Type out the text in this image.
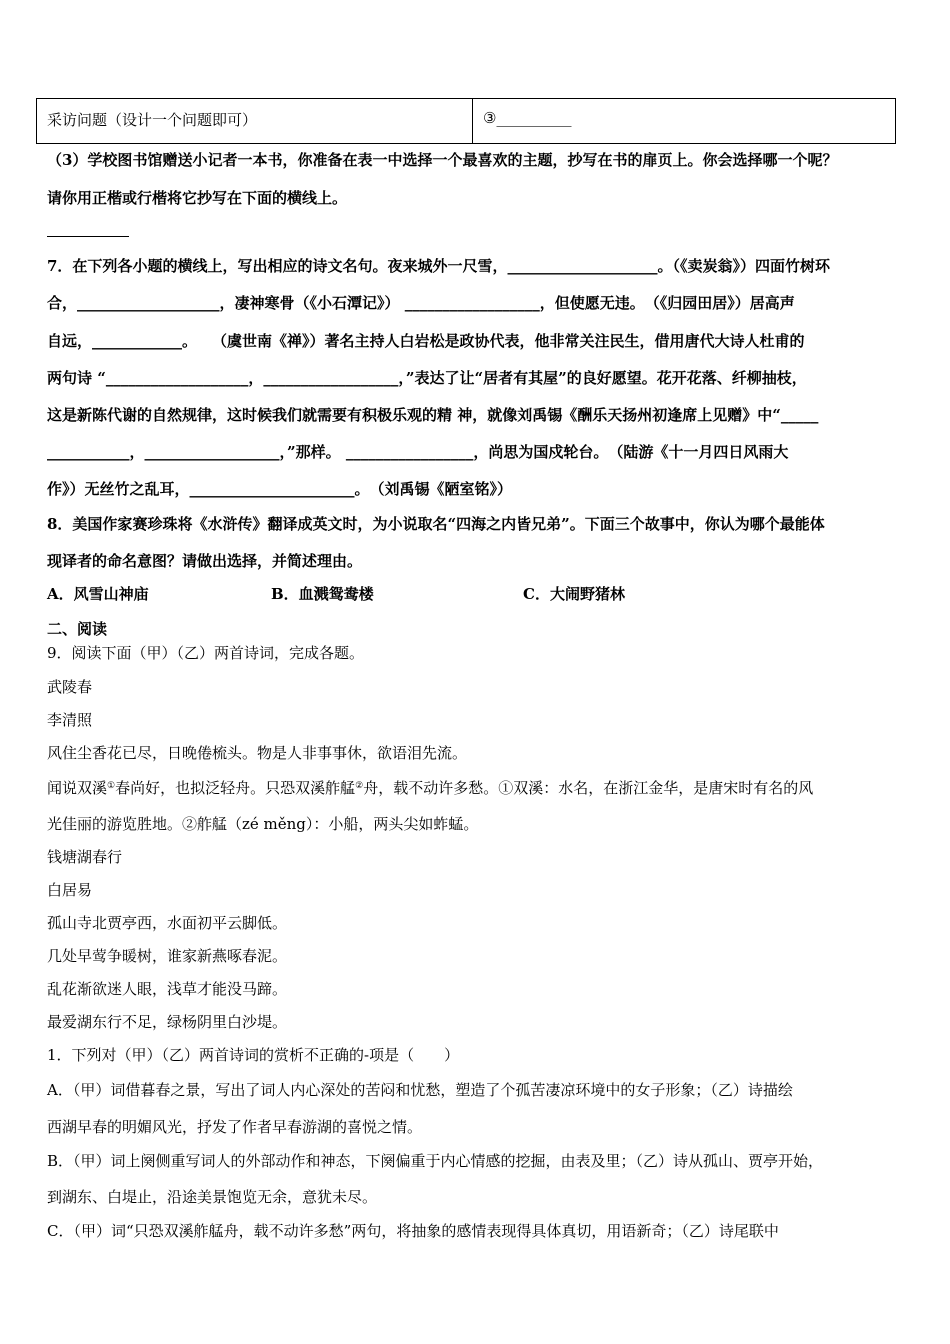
采访问题（设计一个问题即可）	③__________
（3）学校图书馆赠送小记者一本书，你准备在表一中选择一个最喜欢的主题，抄写在书的扉页上。你会选择哪一个呢？
请你用正楷或行楷将它抄写在下面的横线上。
7．在下列各小题的横线上，写出相应的诗文名句。夜来城外一尺雪，____________________。（《卖炭翁》）四面竹树环
合，___________________，凄神寒骨（《小石潭记》） __________________，但使愿无违。　（《归园田居》）居高声
自远，____________。　　（虞世南《禅》）著名主持人白岩松是政协代表，他非常关注民生，借用唐代大诗人杜甫的
两句诗 “___________________，__________________，”表达了让“居者有其屋”的良好愿望。花开花落、纤柳抽枝，
这是新陈代谢的自然规律，这时候我们就需要有积极乐观的精 神，就像刘禹锡《酬乐天扬州初逢席上见赠》中“_____
___________，__________________，”那样。 _________________，尚思为国戍轮台。　（陆游《十一月四日风雨大
作》）无丝竹之乱耳，______________________。　（刘禹锡《陋室铭》）
8．美国作家赛珍珠将《水浒传》翻译成英文时，为小说取名“四海之内皆兄弟”。下面三个故事中，你认为哪个最能体
现译者的命名意图？请做出选择，并简述理由。
A．风雪山神庙	B．血溅鸳鸯楼	C．大闹野猪林
二、阅读
9．阅读下面（甲）（乙）两首诗词，完成各题。
武陵春
李清照
风住尘香花已尽，日晚倦梳头。物是人非事事休，欲语泪先流。
闻说双溪①春尚好，也拟泛轻舟。只恐双溪舴艋②舟，载不动许多愁。①双溪：水名，在浙江金华，是唐宋时有名的风
光佳丽的游览胜地。②舴艋（zé měng）：小船，两头尖如蚱蜢。
钱塘湖春行
白居易
孤山寺北贾亭西，水面初平云脚低。
几处早莺争暖树，谁家新燕啄春泥。
乱花渐欲迷人眼，浅草才能没马蹄。
最爱湖东行不足，绿杨阴里白沙堤。
1．下列对（甲）（乙）两首诗词的赏析不正确的-项是（　　）
A．（甲）词借暮春之景，写出了词人内心深处的苦闷和忧愁，塑造了个孤苦凄凉环境中的女子形象；（乙）诗描绘
西湖早春的明媚风光，抒发了作者早春游湖的喜悦之情。
B．（甲）词上阕侧重写词人的外部动作和神态，下阕偏重于内心情感的挖掘，由表及里；（乙）诗从孤山、贾亭开始，
到湖东、白堤止，沿途美景饱览无余，意犹未尽。
C．（甲）词“只恐双溪舴艋舟，载不动许多愁”两句，将抽象的感情表现得具体真切，用语新奇；（乙）诗尾联中
